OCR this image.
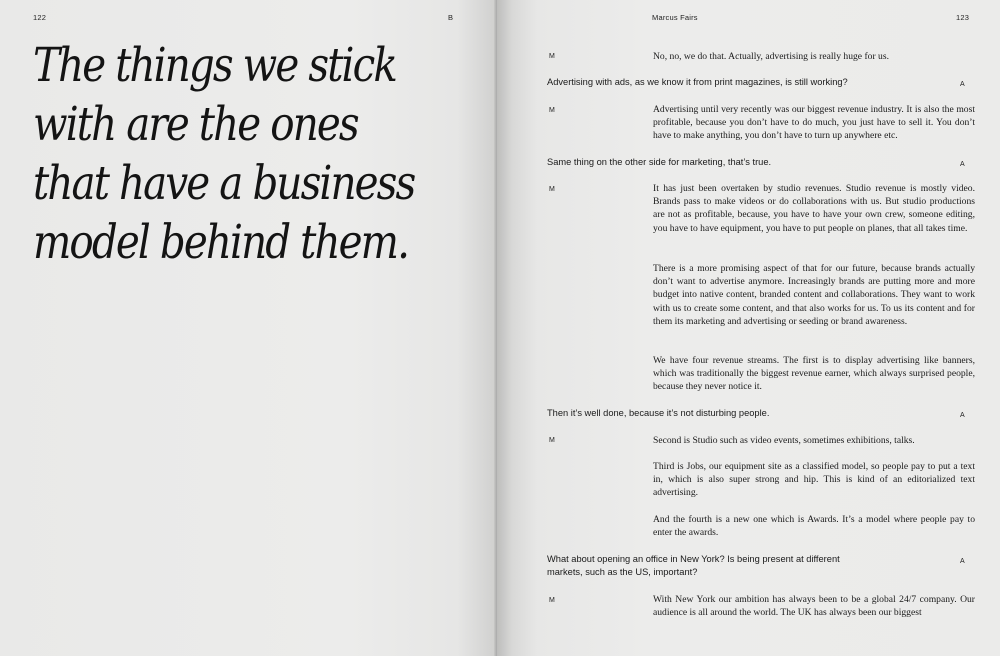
122	B
The things we stick
with are the ones
that have a business
model behind them.
Marcus Fairs	123
M	No, no, we do that. Actually, advertising is really huge for us.
Advertising with ads, as we know it from print magazines, is still working?	A
M	Advertising until very recently was our biggest revenue industry. It is also the most profitable, because you don’t have to do much, you just have to sell it. You don’t have to make anything, you don’t have to turn up anywhere etc.
Same thing on the other side for marketing, that’s true.	A
M	It has just been overtaken by studio revenues. Studio revenue is mostly video. Brands pass to make videos or do collaborations with us. But studio productions are not as profitable, because, you have to have your own crew, someone editing, you have to have equipment, you have to put people on planes, that all takes time.
There is a more promising aspect of that for our future, because brands actually don’t want to advertise anymore. Increasingly brands are putting more and more budget into native content, branded content and collaborations. They want to work with us to create some content, and that also works for us. To us its content and for them its marketing and advertising or seeding or brand awareness.
We have four revenue streams. The first is to display advertising like banners, which was traditionally the biggest revenue earner, which always surprised people, because they never notice it.
Then it’s well done, because it’s not disturbing people.	A
M	Second is Studio such as video events, sometimes exhibitions, talks.
Third is Jobs, our equipment site as a classified model, so people pay to put a text in, which is also super strong and hip. This is kind of an editorialized text advertising.
And the fourth is a new one which is Awards. It’s a model where people pay to enter the awards.
What about opening an office in New York? Is being present at different markets, such as the US, important?
A
M	With New York our ambition has always been to be a global 24/7 company. Our audience is all around the world. The UK has always been our biggest
